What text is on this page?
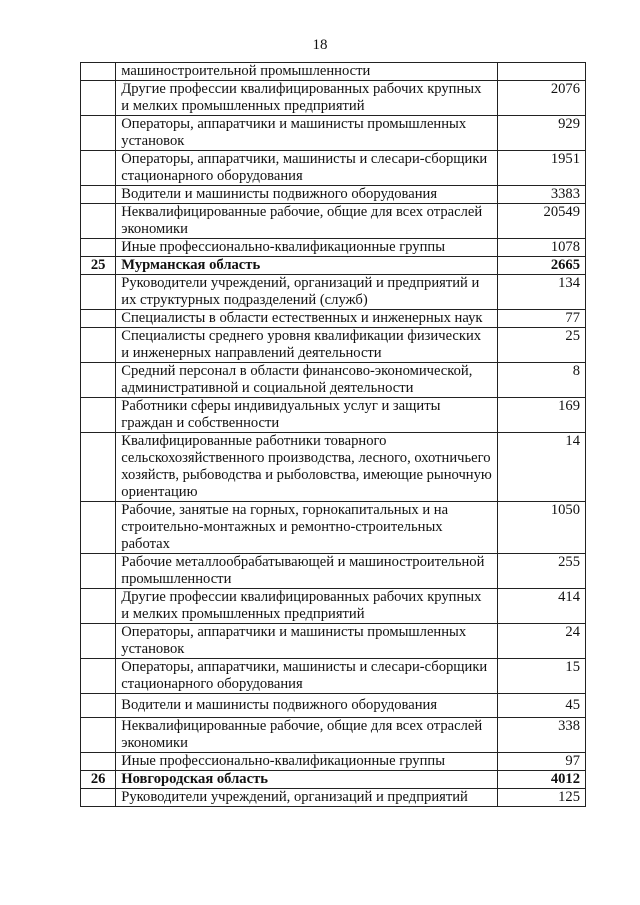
18
	машиностроительной промышленности	
	Другие профессии квалифицированных рабочих крупных и мелких промышленных предприятий	2076
	Операторы, аппаратчики и машинисты промышленных установок	929
	Операторы, аппаратчики, машинисты и слесари-сборщики стационарного оборудования	1951
	Водители и машинисты подвижного оборудования	3383
	Неквалифицированные рабочие, общие для всех отраслей экономики	20549
	Иные профессионально-квалификационные группы	1078
25	Мурманская область	2665
	Руководители учреждений, организаций и предприятий и их структурных подразделений (служб)	134
	Специалисты в области естественных и инженерных наук	77
	Специалисты среднего уровня квалификации физических и инженерных направлений деятельности	25
	Средний персонал в области финансово-экономической, административной и социальной деятельности	8
	Работники сферы индивидуальных услуг и защиты граждан и собственности	169
	Квалифицированные работники товарного сельскохозяйственного производства, лесного, охотничьего хозяйств, рыбоводства и рыболовства, имеющие рыночную ориентацию	14
	Рабочие, занятые на горных, горнокапитальных и на строительно-монтажных и ремонтно-строительных работах	1050
	Рабочие металлообрабатывающей и машиностроительной промышленности	255
	Другие профессии квалифицированных рабочих крупных и мелких промышленных предприятий	414
	Операторы, аппаратчики и машинисты промышленных установок	24
	Операторы, аппаратчики, машинисты и слесари-сборщики стационарного оборудования	15
	Водители и машинисты подвижного оборудования	45
	Неквалифицированные рабочие, общие для всех отраслей экономики	338
	Иные профессионально-квалификационные группы	97
26	Новгородская область	4012
	Руководители учреждений, организаций и предприятий	125
